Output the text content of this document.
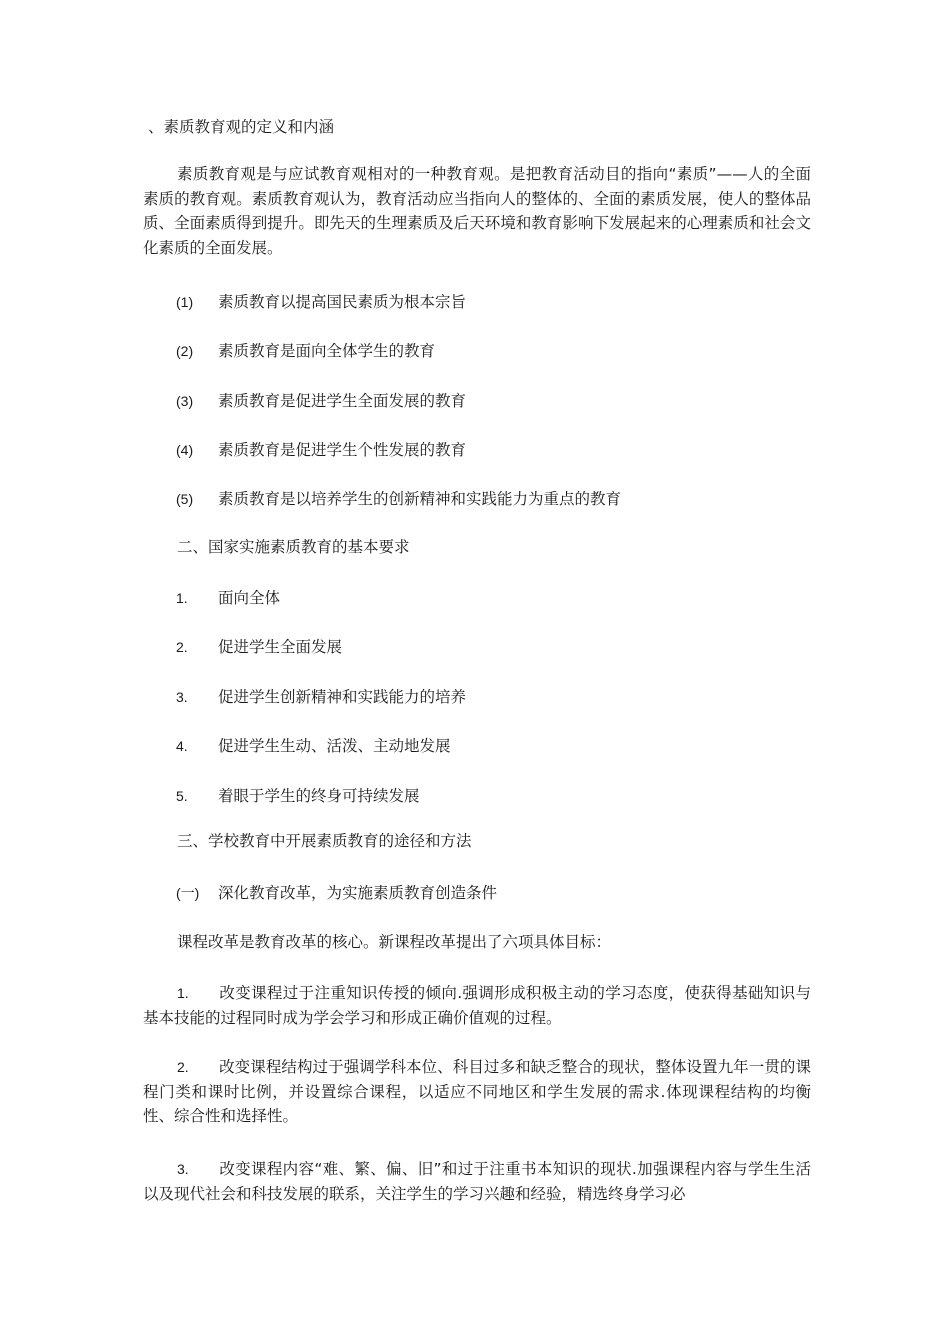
、素质教育观的定义和内涵
素质教育观是与应试教育观相对的一种教育观。是把教育活动目的指向“素质”——人的全面素质的教育观。素质教育观认为，教育活动应当指向人的整体的、全面的素质发展，使人的整体品质、全面素质得到提升。即先天的生理素质及后天环境和教育影响下发展起来的心理素质和社会文化素质的全面发展。
(1) 素质教育以提高国民素质为根本宗旨
(2) 素质教育是面向全体学生的教育
(3) 素质教育是促进学生全面发展的教育
(4) 素质教育是促进学生个性发展的教育
(5) 素质教育是以培养学生的创新精神和实践能力为重点的教育
二、国家实施素质教育的基本要求
1. 面向全体
2. 促进学生全面发展
3. 促进学生创新精神和实践能力的培养
4. 促进学生生动、活泼、主动地发展
5. 着眼于学生的终身可持续发展
三、学校教育中开展素质教育的途径和方法
(一) 深化教育改革，为实施素质教育创造条件
课程改革是教育改革的核心。新课程改革提出了六项具体目标：
1. 改变课程过于注重知识传授的倾向.强调形成积极主动的学习态度，使获得基础知识与基本技能的过程同时成为学会学习和形成正确价值观的过程。
2. 改变课程结构过于强调学科本位、科目过多和缺乏整合的现状，整体设置九年一贯的课程门类和课时比例，并设置综合课程，以适应不同地区和学生发展的需求.体现课程结构的均衡性、综合性和选择性。
3. 改变课程内容“难、繁、偏、旧”和过于注重书本知识的现状.加强课程内容与学生生活以及现代社会和科技发展的联系，关注学生的学习兴趣和经验，精选终身学习必
